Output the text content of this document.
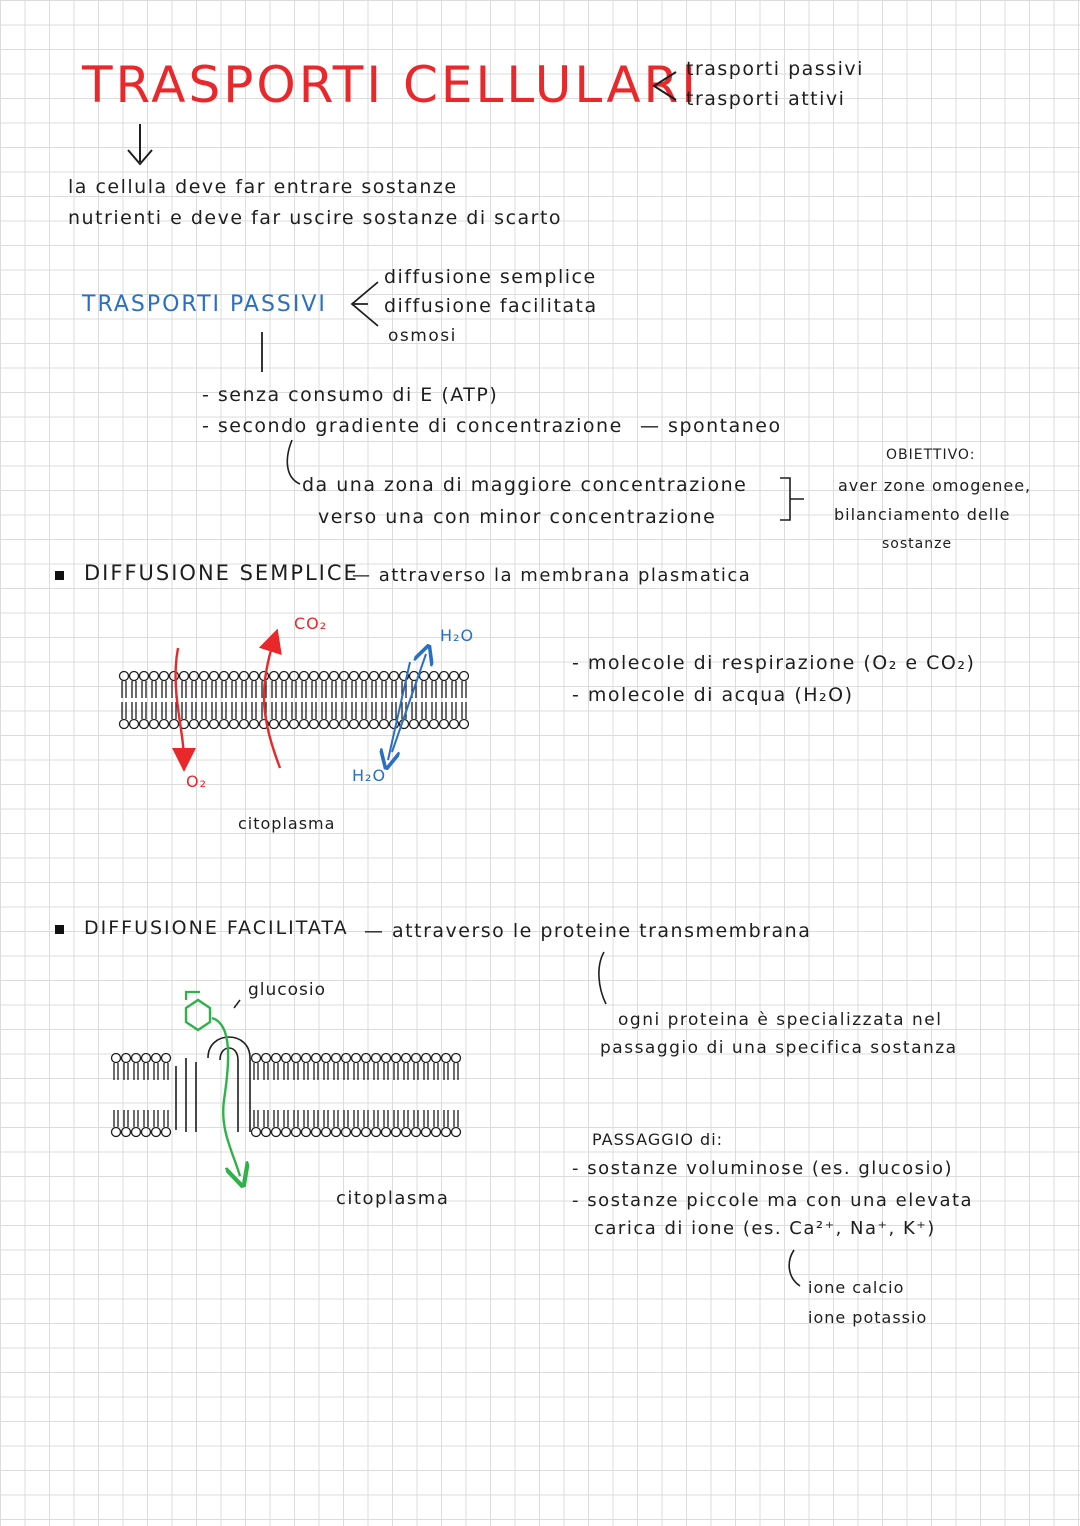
TRASPORTI CELLULARI
trasporti passivi
trasporti attivi
la cellula deve far entrare sostanze
nutrienti e deve far uscire sostanze di scarto
TRASPORTI PASSIVI
diffusione semplice
diffusione facilitata
osmosi
- senza consumo di E (ATP)
- secondo gradiente di concentrazione — spontaneo
da una zona di maggiore concentrazione
verso una con minor concentrazione
OBIETTIVO:
aver zone omogenee,
bilanciamento delle
sostanze
DIFFUSIONE SEMPLICE
— attraverso la membrana plasmatica
- molecole di respirazione (O₂ e CO₂)
- molecole di acqua (H₂O)
CO₂
H₂O
O₂	H₂O
citoplasma
DIFFUSIONE FACILITATA — attraverso le proteine transmembrana
ogni proteina è specializzata nel
passaggio di una specifica sostanza
glucosio
citoplasma
PASSAGGIO di:
- sostanze voluminose (es. glucosio)
- sostanze piccole ma con una elevata
carica di ione (es. Ca²⁺, Na⁺, K⁺)
ione calcio
ione potassio
